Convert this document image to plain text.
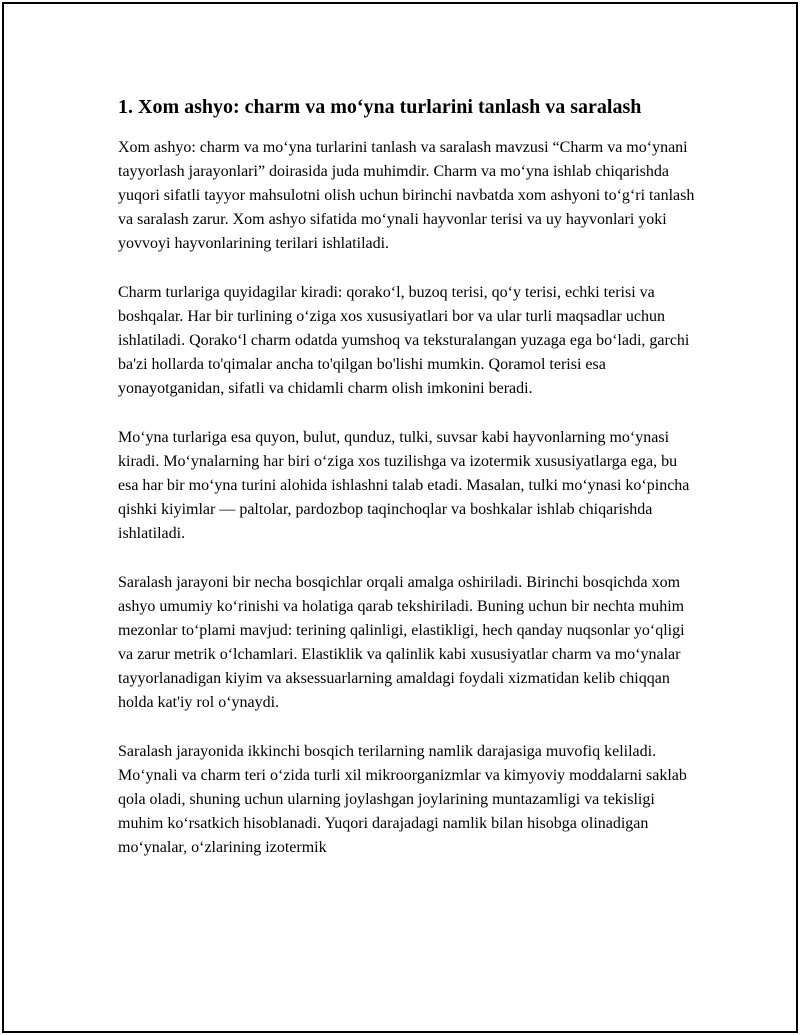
1. Xom ashyo: charm va mo‘yna turlarini tanlash va saralash

Xom ashyo: charm va mo‘yna turlarini tanlash va saralash mavzusi “Charm va mo‘ynani tayyorlash jarayonlari” doirasida juda muhimdir. Charm va mo‘yna ishlab chiqarishda yuqori sifatli tayyor mahsulotni olish uchun birinchi navbatda xom ashyoni to‘g‘ri tanlash va saralash zarur. Xom ashyo sifatida mo‘ynali hayvonlar terisi va uy hayvonlari yoki yovvoyi hayvonlarining terilari ishlatiladi.

Charm turlariga quyidagilar kiradi: qorako‘l, buzoq terisi, qo‘y terisi, echki terisi va boshqalar. Har bir turlining o‘ziga xos xususiyatlari bor va ular turli maqsadlar uchun ishlatiladi. Qorako‘l charm odatda yumshoq va teksturalangan yuzaga ega bo‘ladi, garchi ba'zi hollarda to'qimalar ancha to'qilgan bo'lishi mumkin. Qoramol terisi esa yonayotganidan, sifatli va chidamli charm olish imkonini beradi.

Mo‘yna turlariga esa quyon, bulut, qunduz, tulki, suvsar kabi hayvonlarning mo‘ynasi kiradi. Mo‘ynalarning har biri o‘ziga xos tuzilishga va izotermik xususiyatlarga ega, bu esa har bir mo‘yna turini alohida ishlashni talab etadi. Masalan, tulki mo‘ynasi ko‘pincha qishki kiyimlar — paltolar, pardozbop taqinchoqlar va boshkalar ishlab chiqarishda ishlatiladi.

Saralash jarayoni bir necha bosqichlar orqali amalga oshiriladi. Birinchi bosqichda xom ashyo umumiy ko‘rinishi va holatiga qarab tekshiriladi. Buning uchun bir nechta muhim mezonlar to‘plami mavjud: terining qalinligi, elastikligi, hech qanday nuqsonlar yo‘qligi va zarur metrik o‘lchamlari. Elastiklik va qalinlik kabi xususiyatlar charm va mo‘ynalar tayyorlanadigan kiyim va aksessuarlarning amaldagi foydali xizmatidan kelib chiqqan holda kat'iy rol o‘ynaydi.

Saralash jarayonida ikkinchi bosqich terilarning namlik darajasiga muvofiq keliladi. Mo‘ynali va charm teri o‘zida turli xil mikroorganizmlar va kimyoviy moddalarni saklab qola oladi, shuning uchun ularning joylashgan joylarining muntazamligi va tekisligi muhim ko‘rsatkich hisoblanadi. Yuqori darajadagi namlik bilan hisobga olinadigan mo‘ynalar, o‘zlarining izotermik
